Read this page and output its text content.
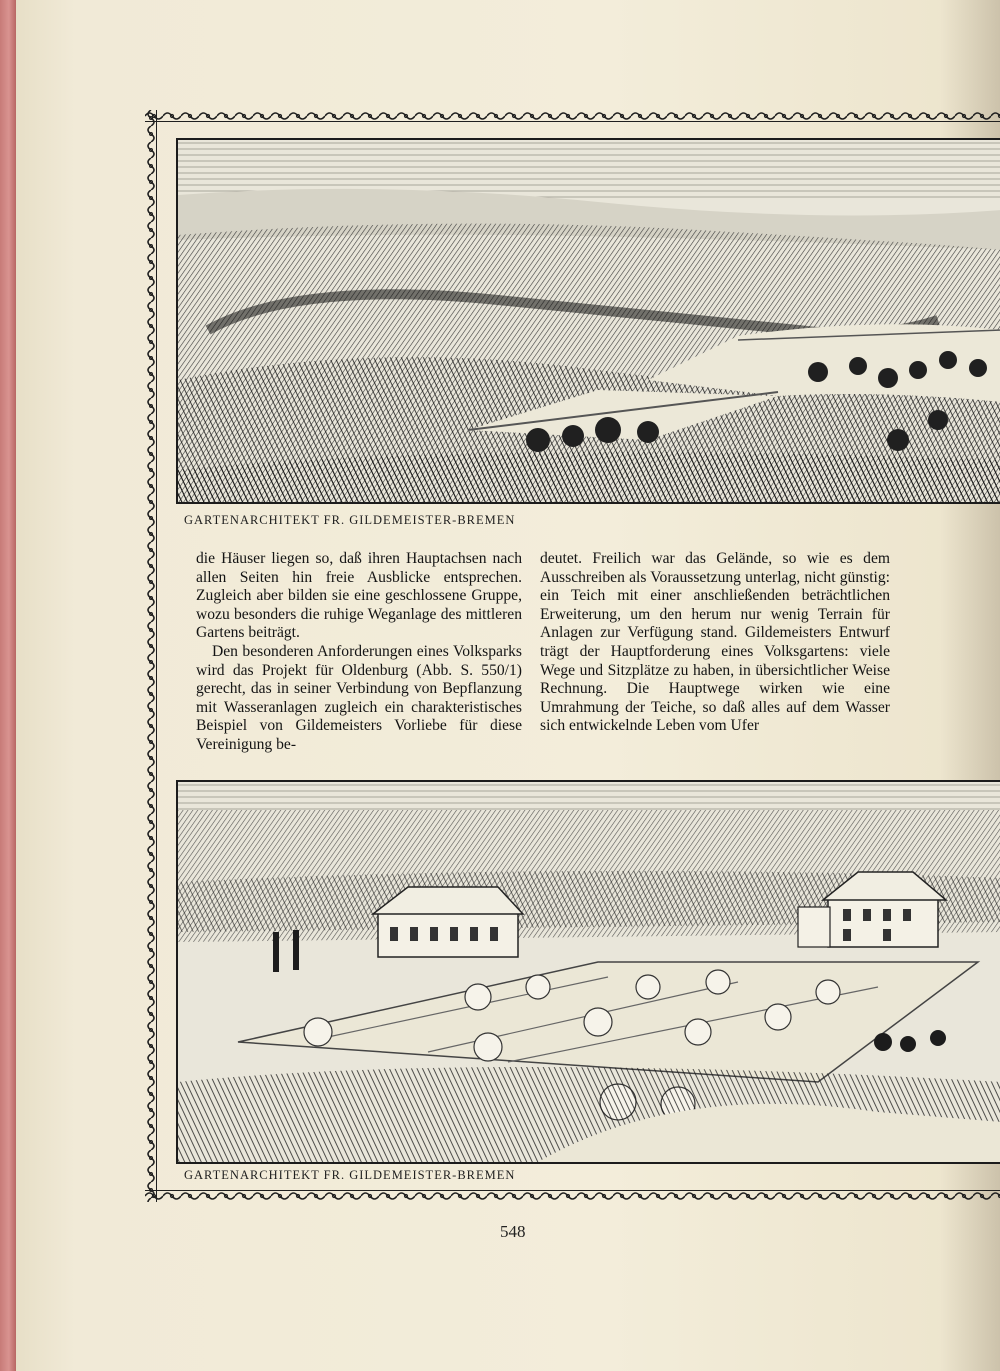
GARTENARCHITEKT FR. GILDEMEISTER-BREMEN

die Häuser liegen so, daß ihren Hauptachsen nach allen Seiten hin freie Ausblicke entsprechen. Zugleich aber bilden sie eine geschlossene Gruppe, wozu besonders die ruhige Weganlage des mittleren Gartens beiträgt.

Den besonderen Anforderungen eines Volksparks wird das Projekt für Oldenburg (Abb. S. 550/1) gerecht, das in seiner Verbindung von Bepflanzung mit Wasseranlagen zugleich ein charakteristisches Beispiel von Gildemeisters Vorliebe für diese Vereinigung be-

deutet. Freilich war das Gelände, so wie es dem Ausschreiben als Voraussetzung unterlag, nicht günstig: ein Teich mit einer anschließenden beträchtlichen Erweiterung, um den herum nur wenig Terrain für Anlagen zur Verfügung stand. Gildemeisters Entwurf trägt der Hauptforderung eines Volksgartens: viele Wege und Sitzplätze zu haben, in übersichtlicher Weise Rechnung. Die Hauptwege wirken wie eine Umrahmung der Teiche, so daß alles auf dem Wasser sich entwickelnde Leben vom Ufer

GARTENARCHITEKT FR. GILDEMEISTER-BREMEN
548
